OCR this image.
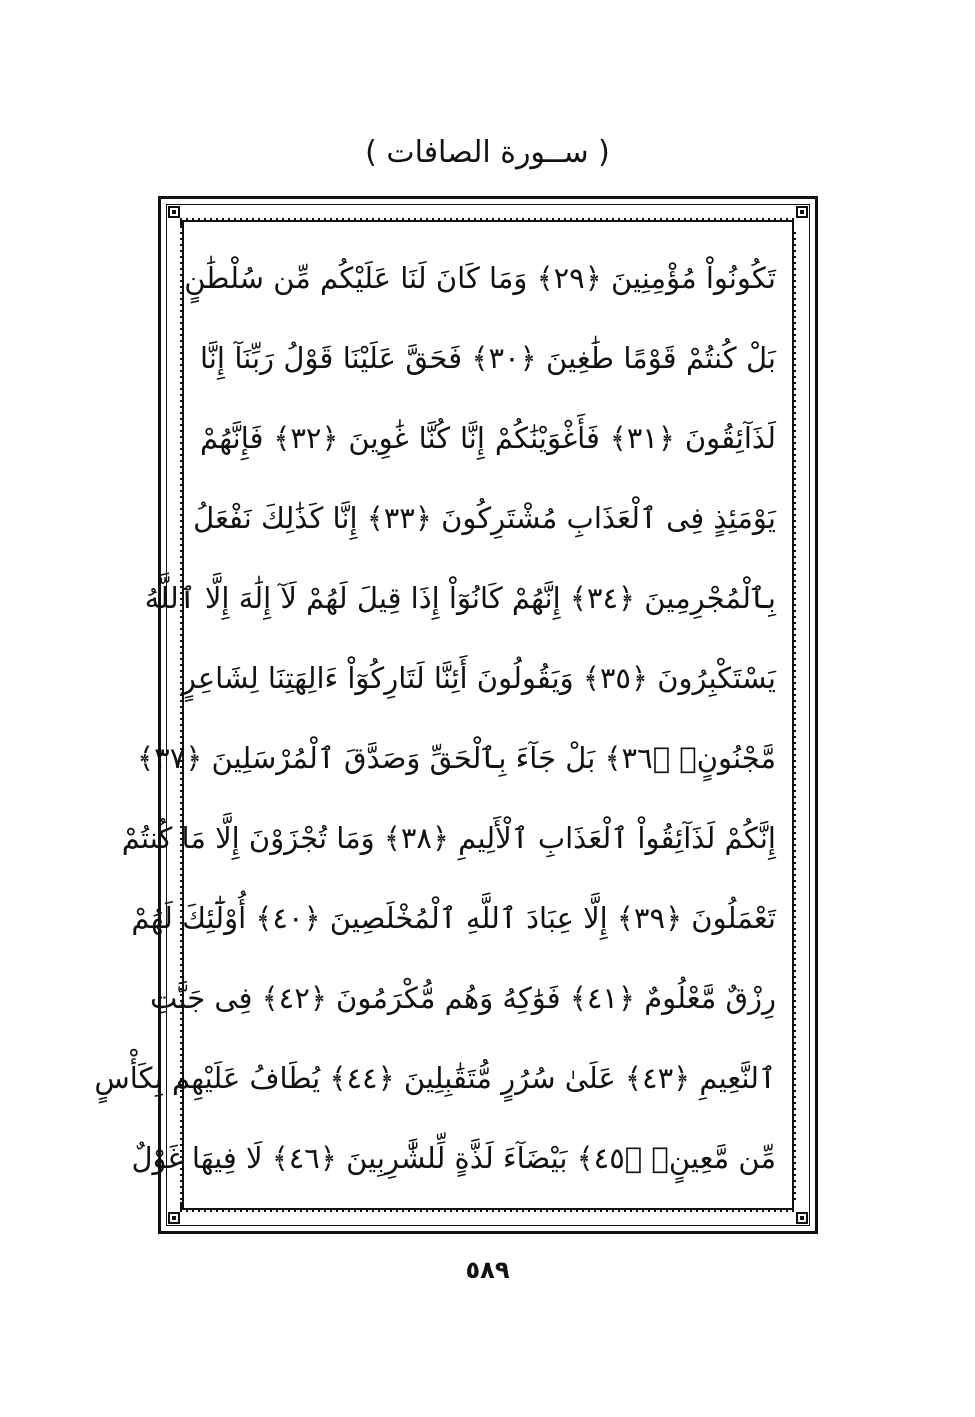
( ســورة الصافات )
تَكُونُواْ مُؤْمِنِينَ ﴿٢٩﴾ وَمَا كَانَ لَنَا عَلَيْكُم مِّن سُلْطَٰنٍ
بَلْ كُنتُمْ قَوْمًا طَٰغِينَ ﴿٣٠﴾ فَحَقَّ عَلَيْنَا قَوْلُ رَبِّنَآ إِنَّا
لَذَآئِقُونَ ﴿٣١﴾ فَأَغْوَيْنَٰكُمْ إِنَّا كُنَّا غَٰوِينَ ﴿٣٢﴾ فَإِنَّهُمْ
يَوْمَئِذٍ فِى ٱلْعَذَابِ مُشْتَرِكُونَ ﴿٣٣﴾ إِنَّا كَذَٰلِكَ نَفْعَلُ
بِٱلْمُجْرِمِينَ ﴿٣٤﴾ إِنَّهُمْ كَانُوٓاْ إِذَا قِيلَ لَهُمْ لَآ إِلَٰهَ إِلَّا ٱللَّهُ
يَسْتَكْبِرُونَ ﴿٣٥﴾ وَيَقُولُونَ أَئِنَّا لَتَارِكُوٓاْ ءَالِهَتِنَا لِشَاعِرٍ
مَّجْنُونٍۭ ﴿٣٦﴾ بَلْ جَآءَ بِٱلْحَقِّ وَصَدَّقَ ٱلْمُرْسَلِينَ ﴿٣٧﴾
إِنَّكُمْ لَذَآئِقُواْ ٱلْعَذَابِ ٱلْأَلِيمِ ﴿٣٨﴾ وَمَا تُجْزَوْنَ إِلَّا مَا كُنتُمْ
تَعْمَلُونَ ﴿٣٩﴾ إِلَّا عِبَادَ ٱللَّهِ ٱلْمُخْلَصِينَ ﴿٤٠﴾ أُوْلَٰٓئِكَ لَهُمْ
رِزْقٌ مَّعْلُومٌ ﴿٤١﴾ فَوَٰكِهُ وَهُم مُّكْرَمُونَ ﴿٤٢﴾ فِى جَنَّٰتِ
ٱلنَّعِيمِ ﴿٤٣﴾ عَلَىٰ سُرُرٍ مُّتَقَٰبِلِينَ ﴿٤٤﴾ يُطَافُ عَلَيْهِم بِكَأْسٍ
مِّن مَّعِينٍۭ ﴿٤٥﴾ بَيْضَآءَ لَذَّةٍ لِّلشَّٰرِبِينَ ﴿٤٦﴾ لَا فِيهَا غَوْلٌ
٥٨٩
